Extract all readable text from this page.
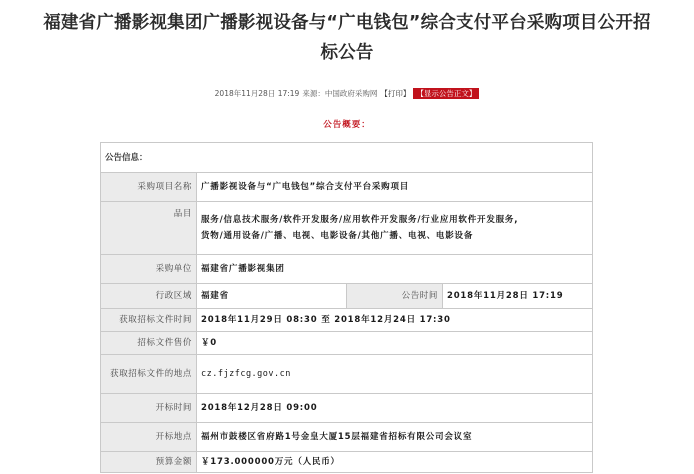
福建省广播影视集团广播影视设备与“广电钱包”综合支付平台采购项目公开招
标公告
2018年11月28日 17:19 来源：中国政府采购网 【打印】 【显示公告正文】
公告概要：
公告信息：			
采购项目名称	广播影视设备与“广电钱包”综合支付平台采购项目		
品目	服务/信息技术服务/软件开发服务/应用软件开发服务/行业应用软件开发服务,
货物/通用设备/广播、电视、电影设备/其他广播、电视、电影设备		

采购单位	福建省广播影视集团		
行政区域	福建省	公告时间	2018年11月28日 17:19
获取招标文件时间	2018年11月29日 08:30 至 2018年12月24日 17:30		
招标文件售价	￥0		
获取招标文件的地点	cz.fjzfcg.gov.cn		
开标时间	2018年12月28日 09:00		
开标地点	福州市鼓楼区省府路1号金皇大厦15层福建省招标有限公司会议室		
预算金额	￥173.000000万元（人民币）		
